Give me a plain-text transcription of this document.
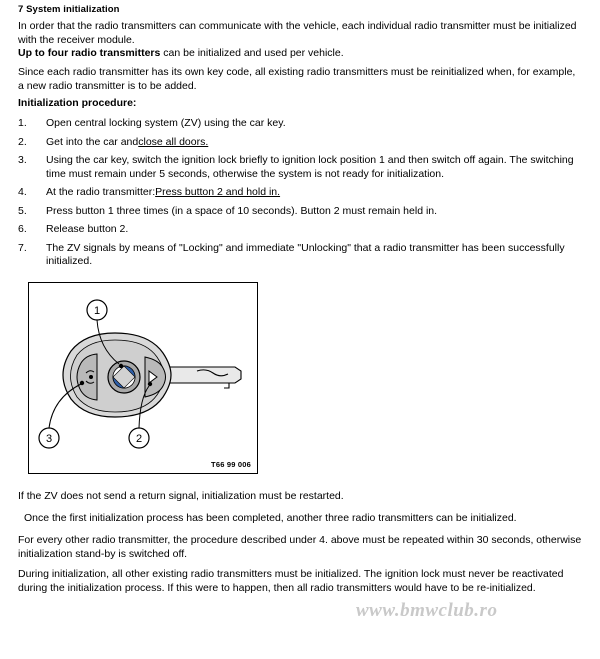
7 System initialization
In order that the radio transmitters can communicate with the vehicle, each individual radio transmitter must be initialized with the receiver module.
Up to four radio transmitters can be initialized and used per vehicle.
Since each radio transmitter has its own key code, all existing radio transmitters must be reinitialized when, for example, a new radio transmitter is to be added.
Initialization procedure:
1.	Open central locking system (ZV) using the car key.
2.	Get into the car andclose all doors.
3.	Using the car key, switch the ignition lock briefly to ignition lock position 1 and then switch off again. The switching time must remain under 5 seconds, otherwise the system is not ready for initialization.
4.	At the radio transmitter:Press button 2 and hold in.
5.	Press button 1 three times (in a space of 10 seconds). Button 2 must remain held in.
6.	Release button 2.
7.	The ZV signals by means of "Locking" and immediate "Unlocking" that a radio transmitter has been successfully initialized.
1
2
3
T66 99 006
If the ZV does not send a return signal, initialization must be restarted.
Once the first initialization process has been completed, another three radio transmitters can be initialized.
For every other radio transmitter, the procedure described under 4. above must be repeated within 30 seconds, otherwise initialization stand-by is switched off.
During initialization, all other existing radio transmitters must be initialized. The ignition lock must never be reactivated during the initialization process. If this were to happen, then all radio transmitters would have to be re-initialized.
www.bmwclub.ro
